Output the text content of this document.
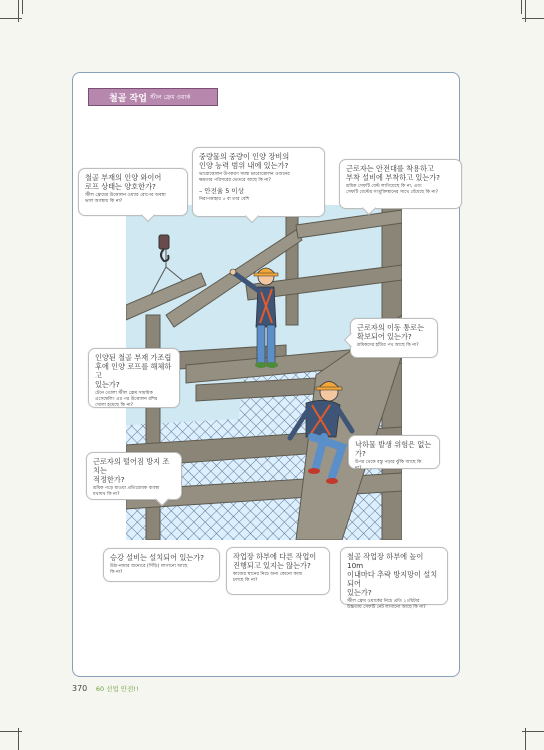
철골 작업 স্টীল ফ্রেম ওয়ার্ক
철골 부재의 인양 와이어
로프 상태는 양호한가?
স্টীল ফ্রেমের উত্তোলন ওয়্যার রোপের অবস্থা
ভাল অবস্থায় কি না?
중량물의 중량이 인양 장비의
인양 능력 범위 내에 있는가?
ভারোত্তোলন উপকরণ সমস্ত ভারোত্তোলন ওজনের
ক্ষমতার পরিসরের ভেতরে আছে কি না?
– 안전율 5 이상
নিরাপত্তাহার ৫ বা তার বেশি
근로자는 안전대를 착용하고
부착 설비에 부착하고 있는가?
শ্রমিক সেফটি বেল্ট লাগিয়েছে কি না, এবং
সেফটি বেল্টের সংযুক্তিস্থানের সাথে বেঁধেছে কি না?
근로자의 이동 통로는
확보되어 있는가?
শ্রমিকদের হাঁটার পথ আছে কি না?
인양된 철골 부재 가조립
후에 인양 로프를 해체하고
있는가?
টেনে তোলা স্টীল ফ্রেম সাময়িক
এসেম্বেলিং এর পর উত্তোলন রশির
খোলা হয়েছে কি না?
낙하물 발생 위험은 없는가?
উপর থেকে বস্তু পড়ার ঝুঁকি আছে কি
না?
근로자의 떨어짐 방지 조치는
적정한가?
শ্রমিক পড়ে যাওয়া প্রতিরোধক ব্যবস্থা
যথাযথ কি না?
승강 설비는 설치되어 있는가?
উঠা-নামার জন্যেরে (সিঁড়ি) লাগানো আছে
কি না?
작업장 하부에 다른 작업이
진행되고 있지는 않는가?
কাজের স্থানের নিচে অন্য কোনো কাজ
চলছে কি না?
철골 작업장 하부에 높이 10m
이내마다 추락 방지망이 설치되어
있는가?
স্টীল ফ্রেম ওয়ার্কের নিচে প্রতি ১০মিটার
উচ্চতায় সেফটি নেট লাগানো আছে কি না?
370 60 선업 안전!!
